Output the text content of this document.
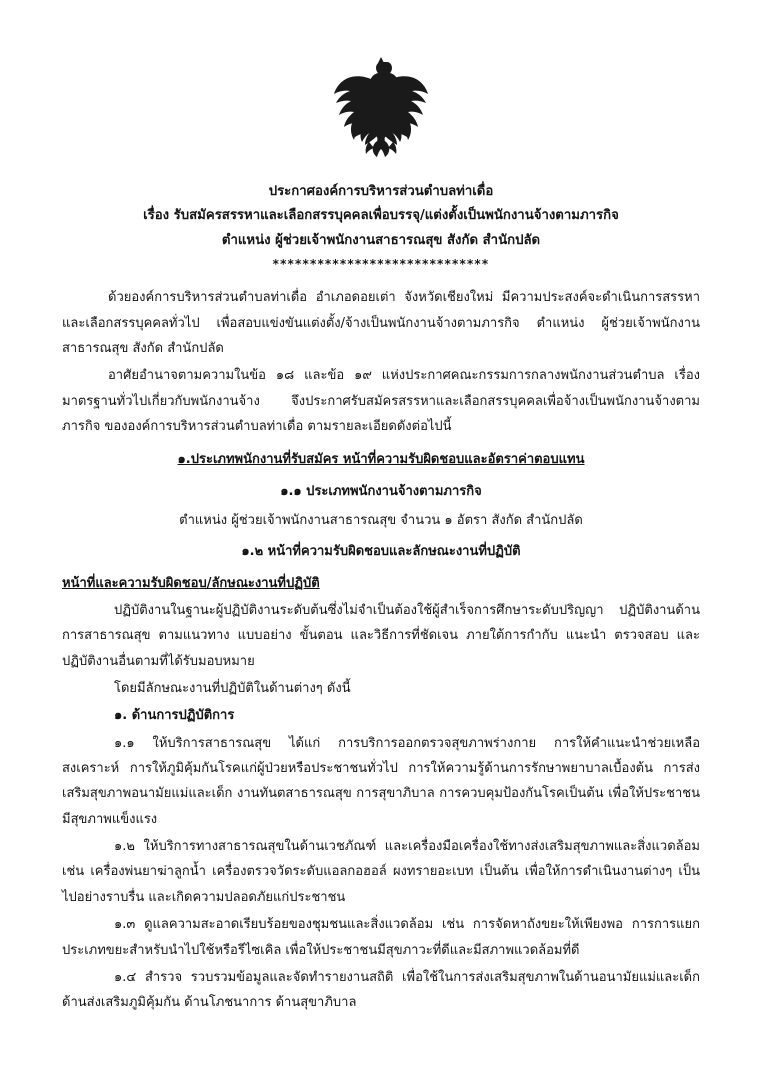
ประกาศองค์การบริหารส่วนตำบลท่าเดื่อ
เรื่อง รับสมัครสรรหาและเลือกสรรบุคคลเพื่อบรรจุ/แต่งตั้งเป็นพนักงานจ้างตามภารกิจ
ตำแหน่ง ผู้ช่วยเจ้าพนักงานสาธารณสุข สังกัด สำนักปลัด
*****************************

ด้วยองค์การบริหารส่วนตำบลท่าเดื่อ อำเภอดอยเต่า จังหวัดเชียงใหม่ มีความประสงค์จะดำเนินการสรรหาและเลือกสรรบุคคลทั่วไป เพื่อสอบแข่งขันแต่งตั้ง/จ้างเป็นพนักงานจ้างตามภารกิจ ตำแหน่ง ผู้ช่วยเจ้าพนักงานสาธารณสุข สังกัด สำนักปลัด

อาศัยอำนาจตามความในข้อ ๑๘ และข้อ ๑๙ แห่งประกาศคณะกรรมการกลางพนักงานส่วนตำบล เรื่องมาตรฐานทั่วไปเกี่ยวกับพนักงานจ้าง จึงประกาศรับสมัครสรรหาและเลือกสรรบุคคลเพื่อจ้างเป็นพนักงานจ้างตามภารกิจ ขององค์การบริหารส่วนตำบลท่าเดื่อ ตามรายละเอียดดังต่อไปนี้

๑.ประเภทพนักงานที่รับสมัคร หน้าที่ความรับผิดชอบและอัตราค่าตอบแทน

๑.๑ ประเภทพนักงานจ้างตามภารกิจ

ตำแหน่ง ผู้ช่วยเจ้าพนักงานสาธารณสุข จำนวน ๑ อัตรา สังกัด สำนักปลัด

๑.๒ หน้าที่ความรับผิดชอบและลักษณะงานที่ปฏิบัติ

หน้าที่และความรับผิดชอบ/ลักษณะงานที่ปฏิบัติ

ปฏิบัติงานในฐานะผู้ปฏิบัติงานระดับต้นซึ่งไม่จำเป็นต้องใช้ผู้สำเร็จการศึกษาระดับปริญญา ปฏิบัติงานด้านการสาธารณสุข ตามแนวทาง แบบอย่าง ขั้นตอน และวิธีการที่ชัดเจน ภายใต้การกำกับ แนะนำ ตรวจสอบ และปฏิบัติงานอื่นตามที่ได้รับมอบหมาย

โดยมีลักษณะงานที่ปฏิบัติในด้านต่างๆ ดังนี้

๑. ด้านการปฏิบัติการ

๑.๑ ให้บริการสาธารณสุข ได้แก่ การบริการออกตรวจสุขภาพร่างกาย การให้คำแนะนำช่วยเหลือสงเคราะห์ การให้ภูมิคุ้มกันโรคแก่ผู้ป่วยหรือประชาชนทั่วไป การให้ความรู้ด้านการรักษาพยาบาลเบื้องต้น การส่งเสริมสุขภาพอนามัยแม่และเด็ก งานทันตสาธารณสุข การสุขาภิบาล การควบคุมป้องกันโรคเป็นต้น เพื่อให้ประชาชนมีสุขภาพแข็งแรง

๑.๒ ให้บริการทางสาธารณสุขในด้านเวชภัณฑ์ และเครื่องมือเครื่องใช้ทางส่งเสริมสุขภาพและสิ่งแวดล้อม เช่น เครื่องพ่นยาฆ่าลูกน้ำ เครื่องตรวจวัดระดับแอลกอฮอล์ ผงทรายอะเบท เป็นต้น เพื่อให้การดำเนินงานต่างๆ เป็นไปอย่างราบรื่น และเกิดความปลอดภัยแก่ประชาชน

๑.๓ ดูแลความสะอาดเรียบร้อยของชุมชนและสิ่งแวดล้อม เช่น การจัดหาถังขยะให้เพียงพอ การการแยกประเภทขยะสำหรับนำไปใช้หรือรีไซเคิล เพื่อให้ประชาชนมีสุขภาวะที่ดีและมีสภาพแวดล้อมที่ดี

๑.๔ สำรวจ รวบรวมข้อมูลและจัดทำรายงานสถิติ เพื่อใช้ในการส่งเสริมสุขภาพในด้านอนามัยแม่และเด็ก ด้านส่งเสริมภูมิคุ้มกัน ด้านโภชนาการ ด้านสุขาภิบาล
